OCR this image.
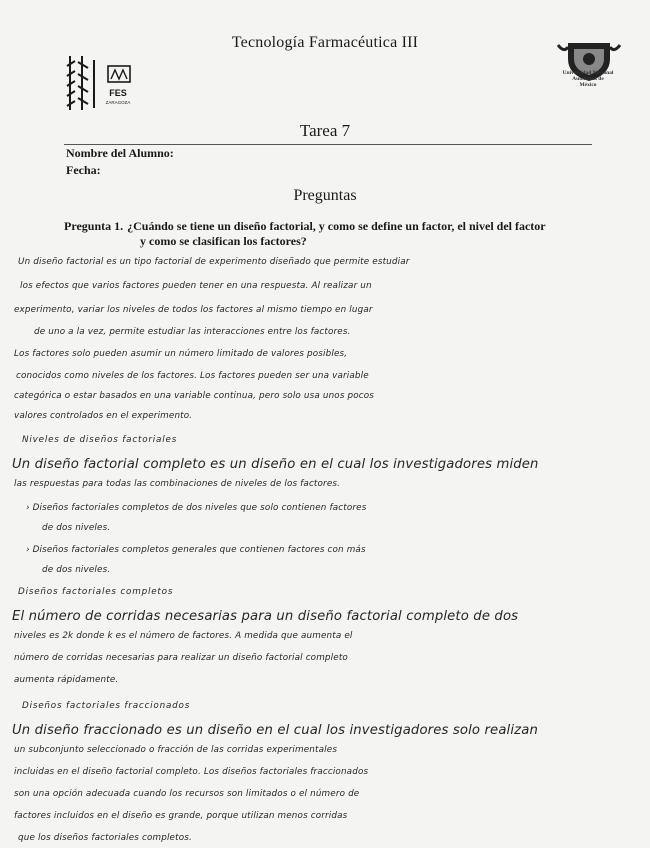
Tecnología Farmacéutica III
FES
ZARAGOZA
Universidad Nacional
Autónoma de
México
Tarea 7
Nombre del Alumno:
Fecha:
Preguntas
Pregunta 1. ¿Cuándo se tiene un diseño factorial, y como se define un factor, el nivel del factor
y como se clasifican los factores?
Un diseño factorial es un tipo factorial de experimento diseñado que permite estudiar
los efectos que varios factores pueden tener en una respuesta. Al realizar un
experimento, variar los niveles de todos los factores al mismo tiempo en lugar
de uno a la vez, permite estudiar las interacciones entre los factores.
Los factores solo pueden asumir un número limitado de valores posibles,
conocidos como niveles de los factores. Los factores pueden ser una variable
categórica o estar basados en una variable continua, pero solo usa unos pocos
valores controlados en el experimento.
Niveles de diseños factoriales
Un diseño factorial completo es un diseño en el cual los investigadores miden
las respuestas para todas las combinaciones de niveles de los factores.
› Diseños factoriales completos de dos niveles que solo contienen factores
de dos niveles.
› Diseños factoriales completos generales que contienen factores con más
de dos niveles.
Diseños factoriales completos
El número de corridas necesarias para un diseño factorial completo de dos
niveles es 2k donde k es el número de factores. A medida que aumenta el
número de corridas necesarias para realizar un diseño factorial completo
aumenta rápidamente.
Diseños factoriales fraccionados
Un diseño fraccionado es un diseño en el cual los investigadores solo realizan
un subconjunto seleccionado o fracción de las corridas experimentales
incluidas en el diseño factorial completo. Los diseños factoriales fraccionados
son una opción adecuada cuando los recursos son limitados o el número de
factores incluidos en el diseño es grande, porque utilizan menos corridas
que los diseños factoriales completos.
